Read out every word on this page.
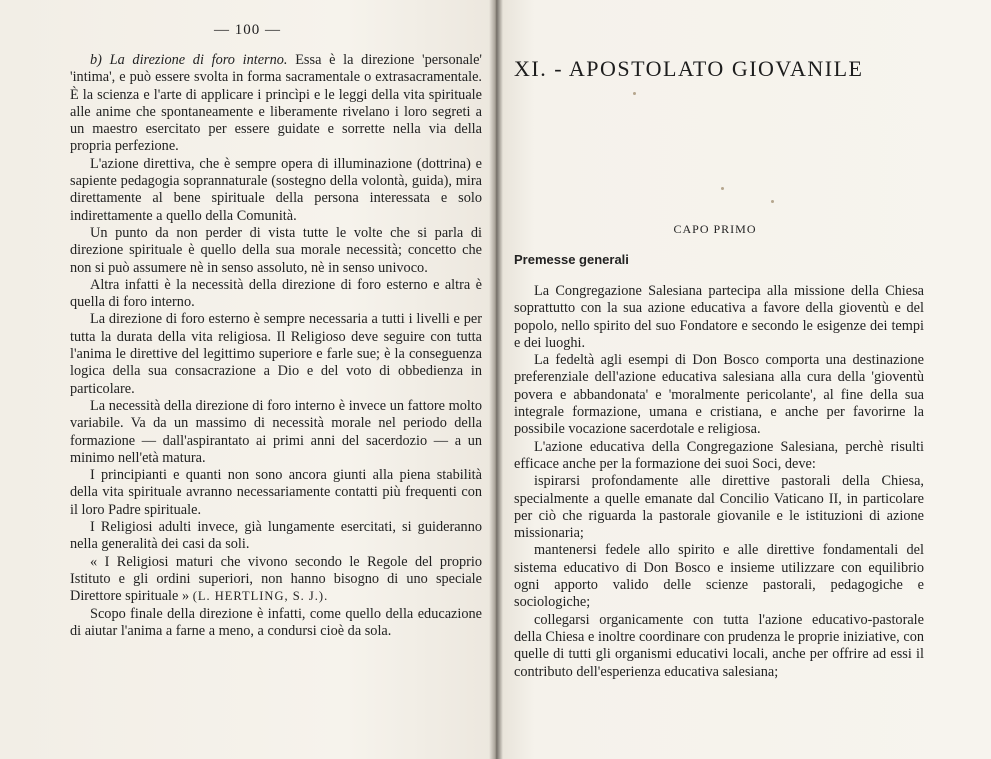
— 100 —

b) La direzione di foro interno. Essa è la direzione 'personale' 'intima', e può essere svolta in forma sacramentale o extrasacramentale. È la scienza e l'arte di applicare i princìpi e le leggi della vita spirituale alle anime che spontaneamente e liberamente rivelano i loro segreti a un maestro esercitato per essere guidate e sorrette nella via della propria perfezione.

L'azione direttiva, che è sempre opera di illuminazione (dottrina) e sapiente pedagogia soprannaturale (sostegno della volontà, guida), mira direttamente al bene spirituale della persona interessata e solo indirettamente a quello della Comunità.

Un punto da non perder di vista tutte le volte che si parla di direzione spirituale è quello della sua morale necessità; concetto che non si può assumere nè in senso assoluto, nè in senso univoco.

Altra infatti è la necessità della direzione di foro esterno e altra è quella di foro interno.

La direzione di foro esterno è sempre necessaria a tutti i livelli e per tutta la durata della vita religiosa. Il Religioso deve seguire con tutta l'anima le direttive del legittimo superiore e farle sue; è la conseguenza logica della sua consacrazione a Dio e del voto di obbedienza in particolare.

La necessità della direzione di foro interno è invece un fattore molto variabile. Va da un massimo di necessità morale nel periodo della formazione — dall'aspirantato ai primi anni del sacerdozio — a un minimo nell'età matura.

I principianti e quanti non sono ancora giunti alla piena stabilità della vita spirituale avranno necessariamente contatti più frequenti con il loro Padre spirituale.

I Religiosi adulti invece, già lungamente esercitati, si guideranno nella generalità dei casi da soli.

« I Religiosi maturi che vivono secondo le Regole del proprio Istituto e gli ordini superiori, non hanno bisogno di uno speciale Direttore spirituale » (L. HERTLING, S. J.).

Scopo finale della direzione è infatti, come quello della educazione di aiutar l'anima a farne a meno, a condursi cioè da sola.

XI. - APOSTOLATO GIOVANILE
CAPO PRIMO
Premesse generali

La Congregazione Salesiana partecipa alla missione della Chiesa soprattutto con la sua azione educativa a favore della gioventù e del popolo, nello spirito del suo Fondatore e secondo le esigenze dei tempi e dei luoghi.

La fedeltà agli esempi di Don Bosco comporta una destinazione preferenziale dell'azione educativa salesiana alla cura della 'gioventù povera e abbandonata' e 'moralmente pericolante', al fine della sua integrale formazione, umana e cristiana, e anche per favorirne la possibile vocazione sacerdotale e religiosa.

L'azione educativa della Congregazione Salesiana, perchè risulti efficace anche per la formazione dei suoi Soci, deve:

ispirarsi profondamente alle direttive pastorali della Chiesa, specialmente a quelle emanate dal Concilio Vaticano II, in particolare per ciò che riguarda la pastorale giovanile e le istituzioni di azione missionaria;

mantenersi fedele allo spirito e alle direttive fondamentali del sistema educativo di Don Bosco e insieme utilizzare con equilibrio ogni apporto valido delle scienze pastorali, pedagogiche e sociologiche;

collegarsi organicamente con tutta l'azione educativo-pastorale della Chiesa e inoltre coordinare con prudenza le proprie iniziative, con quelle di tutti gli organismi educativi locali, anche per offrire ad essi il contributo dell'esperienza educativa salesiana;
